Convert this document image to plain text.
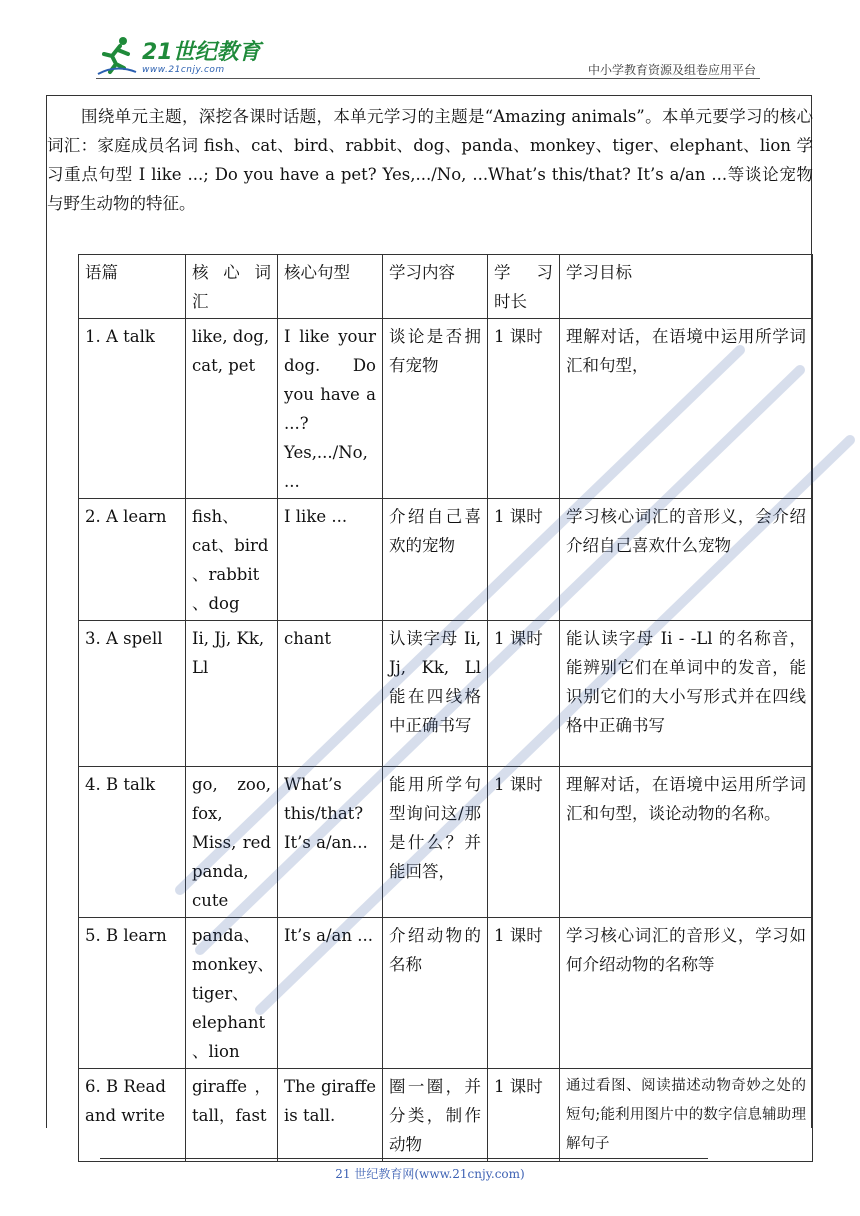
21世纪教育
www.21cnjy.com	中小学教育资源及组卷应用平台
围绕单元主题，深挖各课时话题，本单元学习的主题是“Amazing animals”。本单元要学习的核心词汇：家庭成员名词 fish、cat、bird、rabbit、dog、panda、monkey、tiger、elephant、lion 学习重点句型 I like ...; Do you have a pet? Yes,.../No, ...What’s this/that? It’s a/an ...等谈论宠物与野生动物的特征。
语篇	核 心 词 汇	核心句型	学习内容	学 习 时长	学习目标
1. A talk	like, dog, cat, pet	I like your dog. Do you have a ...? Yes,.../No, ...	谈论是否拥有宠物	1 课时	理解对话，在语境中运用所学词汇和句型，
2. A learn	fish、cat、bird 、rabbit 、dog	I like ...	介绍自己喜欢的宠物	1 课时	学习核心词汇的音形义，会介绍介绍自己喜欢什么宠物
3. A spell	Ii, Jj, Kk, Ll	chant	认读字母 Ii, Jj, Kk, Ll 能在四线格中正确书写	1 课时	能认读字母 Ii - -Ll 的名称音，能辨别它们在单词中的发音，能识别它们的大小写形式并在四线格中正确书写
4. B talk	go, zoo, fox, Miss, red panda, cute	What’s this/that? It’s a/an...	能用所学句型询问这/那是什么？并能回答，	1 课时	理解对话，在语境中运用所学词汇和句型，谈论动物的名称。
5. B learn	panda、monkey、tiger、elephant 、lion	It’s a/an ...	介绍动物的名称	1 课时	学习核心词汇的音形义，学习如何介绍动物的名称等
6. B Read and write	giraffe，tall，fast	The giraffe is tall.	圈一圈，并分类，制作动物	1 课时	通过看图、阅读描述动物奇妙之处的短句;能利用图片中的数字信息辅助理解句子
21 世纪教育网(www.21cnjy.com)
